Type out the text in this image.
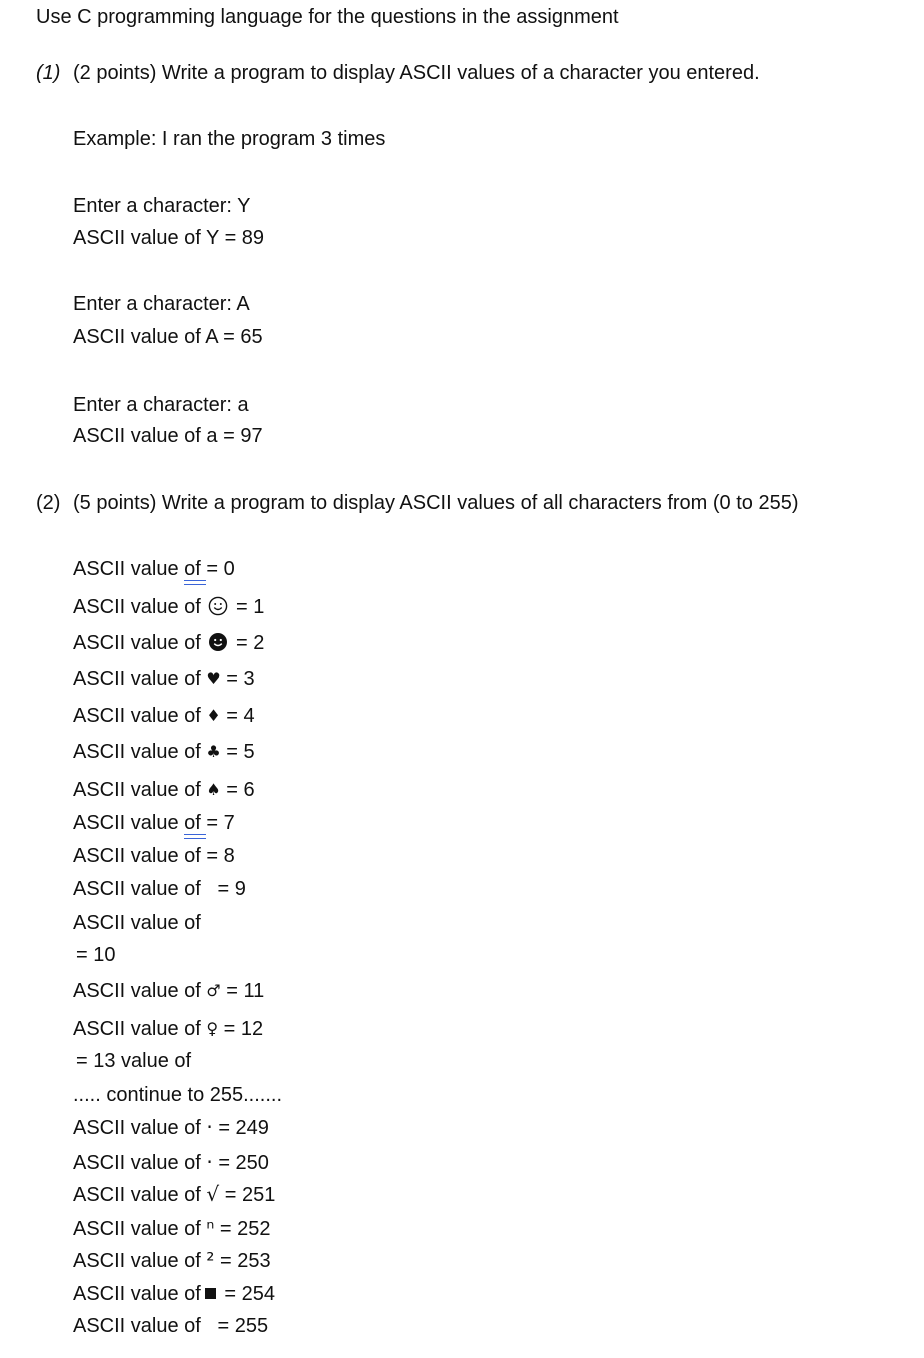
Use C programming language for the questions in the assignment
(1) (2 points) Write a program to display ASCII values of a character you entered.
Example: I ran the program 3 times
Enter a character: Y
ASCII value of Y = 89
Enter a character: A
ASCII value of A = 65
Enter a character: a
ASCII value of a = 97
(2) (5 points) Write a program to display ASCII values of all characters from (0 to 255)
ASCII value of
= 0
ASCII value of  = 1
ASCII value of  = 2
ASCII value of ♥ = 3
ASCII value of ♦ = 4
ASCII value of ♣ = 5
ASCII value of ♠ = 6
ASCII value of
= 7
ASCII value of = 8
ASCII value of   = 9
ASCII value of
= 10
ASCII value of ♂ = 11
ASCII value of ♀ = 12
= 13 value of
..... continue to 255.......
ASCII value of · = 249
ASCII value of · = 250
ASCII value of √ = 251
ASCII value of ⁿ = 252
ASCII value of ² = 253
ASCII value of = 254
ASCII value of   = 255
